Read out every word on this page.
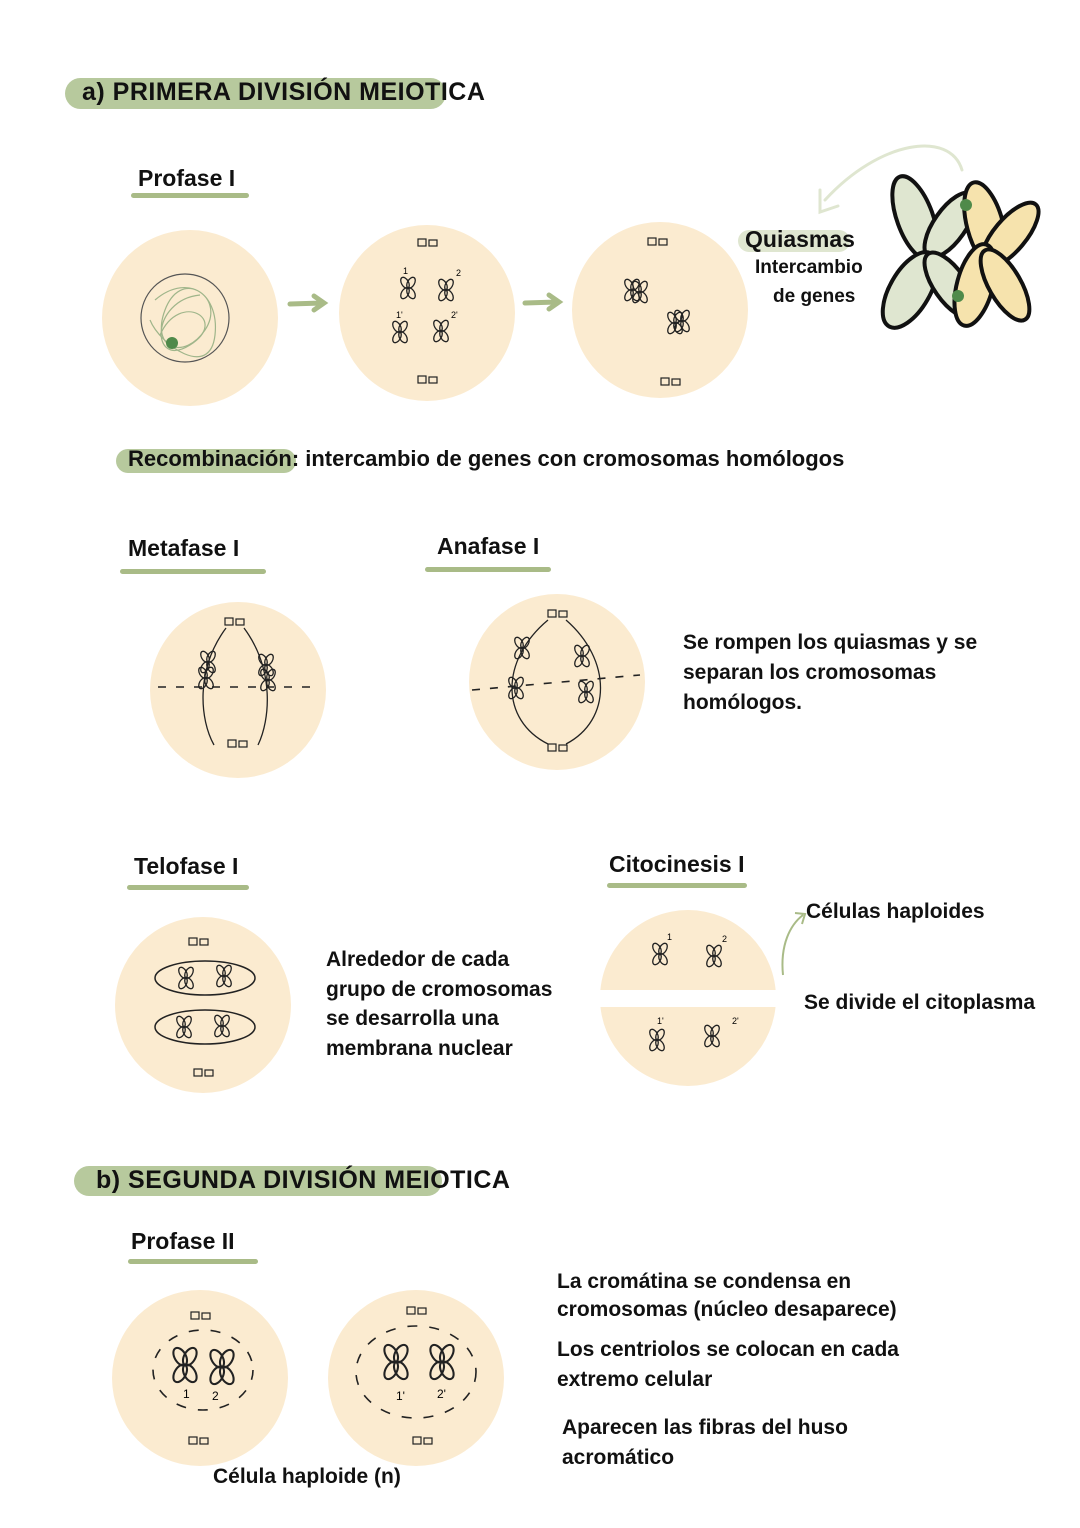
a) PRIMERA DIVISIÓN MEIOTICA
Profase I
Quiasmas
Intercambio
de genes
Recombinación: intercambio de genes con cromosomas homólogos
Metafase I	Anafase I
Se rompen los quiasmas y se
separan los cromosomas
homólogos.
Telofase I
Alrededor de cada
grupo de cromosomas
se desarrolla una
membrana nuclear
Citocinesis I
Células haploides
Se divide el citoplasma
b) SEGUNDA DIVISIÓN MEIOTICA
Profase II
La cromátina se condensa en
cromosomas (núcleo desaparece)
Los centriolos se colocan en cada
extremo celular
Aparecen las fibras del huso
acromático
Célula haploide (n)
1	2
1'	2'
1	2
1'	2'
1 2	1'	2'
